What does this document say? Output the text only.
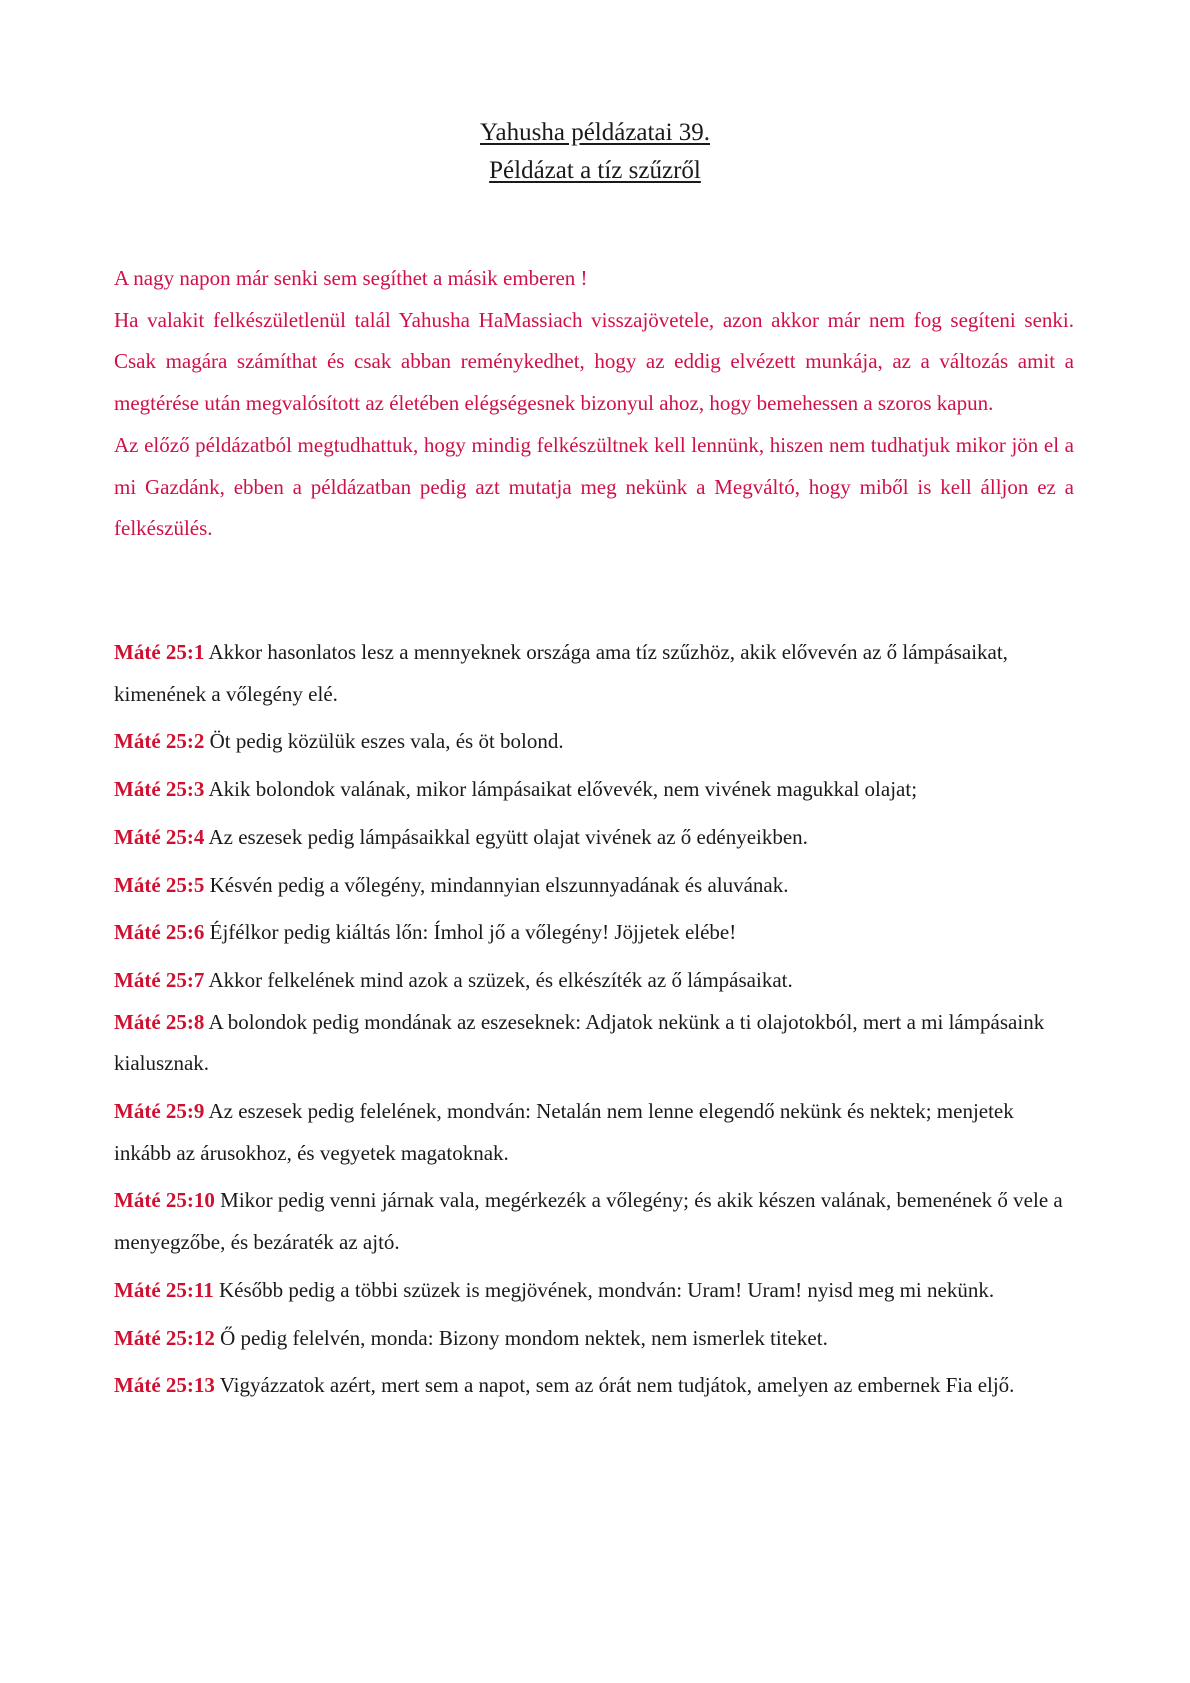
Yahusha példázatai 39.
Példázat a tíz szűzről

A nagy napon már senki sem segíthet a másik emberen !

Ha valakit felkészületlenül talál Yahusha HaMassiach visszajövetele, azon akkor már nem fog segíteni senki. Csak magára számíthat és csak abban reménykedhet, hogy az eddig elvézett munkája, az a változás amit a megtérése után megvalósított az életében elégségesnek bizonyul ahoz, hogy bemehessen a szoros kapun.

Az előző példázatból megtudhattuk, hogy mindig felkészültnek kell lennünk, hiszen nem tudhatjuk mikor jön el a mi Gazdánk, ebben a példázatban pedig azt mutatja meg nekünk a Megváltó, hogy miből is kell álljon ez a felkészülés.

Máté 25:1 Akkor hasonlatos lesz a mennyeknek országa ama tíz szűzhöz, akik elővevén az ő lámpásaikat, kimenének a vőlegény elé.

Máté 25:2 Öt pedig közülük eszes vala, és öt bolond.

Máté 25:3 Akik bolondok valának, mikor lámpásaikat elővevék, nem vivének magukkal olajat;

Máté 25:4 Az eszesek pedig lámpásaikkal együtt olajat vivének az ő edényeikben.

Máté 25:5 Késvén pedig a vőlegény, mindannyian elszunnyadának és aluvának.

Máté 25:6 Éjfélkor pedig kiáltás lőn: Ímhol jő a vőlegény! Jöjjetek elébe!

Máté 25:7 Akkor felkelének mind azok a szüzek, és elkészíték az ő lámpásaikat.

Máté 25:8 A bolondok pedig mondának az eszeseknek: Adjatok nekünk a ti olajotokból, mert a mi lámpásaink kialusznak.

Máté 25:9 Az eszesek pedig felelének, mondván: Netalán nem lenne elegendő nekünk és nektek; menjetek inkább az árusokhoz, és vegyetek magatoknak.

Máté 25:10 Mikor pedig venni járnak vala, megérkezék a vőlegény; és akik készen valának, bemenének ő vele a menyegzőbe, és bezáraték az ajtó.

Máté 25:11 Később pedig a többi szüzek is megjövének, mondván: Uram! Uram! nyisd meg mi nekünk.

Máté 25:12 Ő pedig felelvén, monda: Bizony mondom nektek, nem ismerlek titeket.

Máté 25:13 Vigyázzatok azért, mert sem a napot, sem az órát nem tudjátok, amelyen az embernek Fia eljő.
